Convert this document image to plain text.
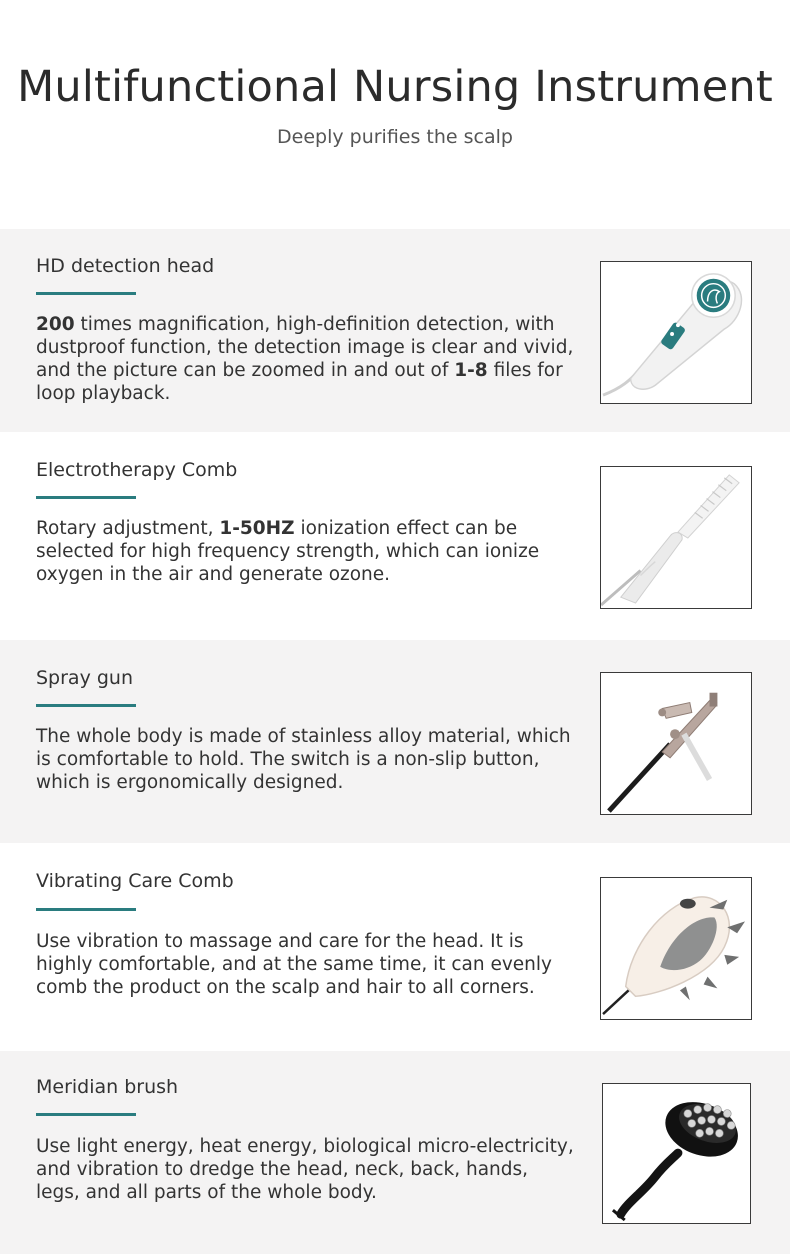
Multifunctional Nursing Instrument
Deeply purifies the scalp
HD detection head
200 times magnification, high-definition detection, with dustproof function, the detection image is clear and vivid, and the picture can be zoomed in and out of 1-8 files for loop playback.
Electrotherapy Comb
Rotary adjustment, 1-50HZ ionization effect can be selected for high frequency strength, which can ionize oxygen in the air and generate ozone.
Spray gun
The whole body is made of stainless alloy material, which is comfortable to hold. The switch is a non-slip button, which is ergonomically designed.
Vibrating Care Comb
Use vibration to massage and care for the head. It is highly comfortable, and at the same time, it can evenly comb the product on the scalp and hair to all corners.
Meridian brush
Use light energy, heat energy, biological micro-electricity, and vibration to dredge the head, neck, back, hands, legs, and all parts of the whole body.
